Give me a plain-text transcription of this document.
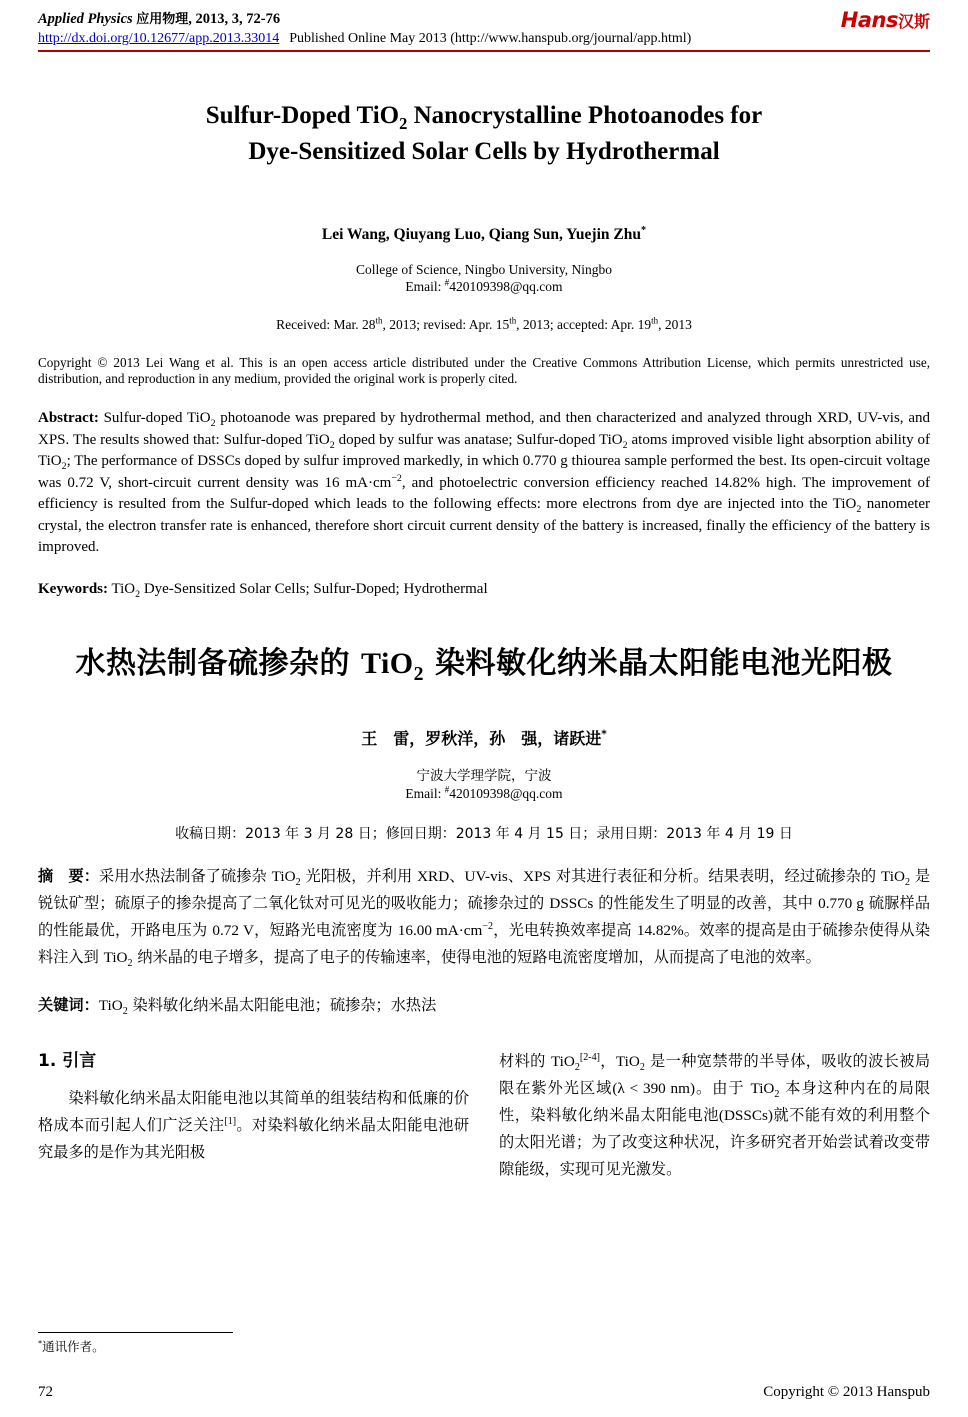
Applied Physics 应用物理, 2013, 3, 72-76
http://dx.doi.org/10.12677/app.2013.33014 Published Online May 2013 (http://www.hanspub.org/journal/app.html)
Hans汉斯
Sulfur-Doped TiO$_2$ Nanocrystalline Photoanodes for
Dye-Sensitized Solar Cells by Hydrothermal
Lei Wang, Qiuyang Luo, Qiang Sun, Yuejin Zhu*
College of Science, Ningbo University, Ningbo
Email: #420109398@qq.com
Received: Mar. 28th, 2013; revised: Apr. 15th, 2013; accepted: Apr. 19th, 2013
Copyright © 2013 Lei Wang et al. This is an open access article distributed under the Creative Commons Attribution License, which permits unrestricted use, distribution, and reproduction in any medium, provided the original work is properly cited.
Abstract: Sulfur-doped TiO$_2$ photoanode was prepared by hydrothermal method, and then characterized and analyzed through XRD, UV-vis, and XPS. The results showed that: Sulfur-doped TiO$_2$ doped by sulfur was anatase; Sulfur-doped TiO$_2$ atoms improved visible light absorption ability of TiO$_2$; The performance of DSSCs doped by sulfur improved markedly, in which 0.770 g thiourea sample performed the best. Its open-circuit voltage was 0.72 V, short-circuit current density was 16 $mA\cdot cm^{-2}$, and photoelectric conversion efficiency reached 14.82% high. The improvement of efficiency is resulted from the Sulfur-doped which leads to the following effects: more electrons from dye are injected into the TiO$_2$ nanometer crystal, the electron transfer rate is enhanced, therefore short circuit current density of the battery is increased, finally the efficiency of the battery is improved.
Keywords: TiO$_2$ Dye-Sensitized Solar Cells; Sulfur-Doped; Hydrothermal
水热法制备硫掺杂的 TiO$_2$ 染料敏化纳米晶太阳能电池光阳极
王　雷，罗秋洋，孙　强，诸跃进*
宁波大学理学院，宁波
Email: #420109398@qq.com
收稿日期：2013 年 3 月 28 日；修回日期：2013 年 4 月 15 日；录用日期：2013 年 4 月 19 日
摘　要：采用水热法制备了硫掺杂 TiO$_2$ 光阳极，并利用 XRD、UV-vis、XPS 对其进行表征和分析。结果表明，经过硫掺杂的 TiO$_2$ 是锐钛矿型；硫原子的掺杂提高了二氧化钛对可见光的吸收能力；硫掺杂过的 DSSCs 的性能发生了明显的改善，其中 0.770 g 硫脲样品的性能最优，开路电压为 0.72 V，短路光电流密度为 16.00 $mA\cdot cm^{-2}$，光电转换效率提高 14.82%。效率的提高是由于硫掺杂使得从染料注入到 TiO$_2$ 纳米晶的电子增多，提高了电子的传输速率，使得电池的短路电流密度增加，从而提高了电池的效率。
关键词：TiO$_2$ 染料敏化纳米晶太阳能电池；硫掺杂；水热法
1. 引言
染料敏化纳米晶太阳能电池以其简单的组装结构和低廉的价格成本而引起人们广泛关注[1]。对染料敏化纳米晶太阳能电池研究最多的是作为其光阳极
材料的 TiO$_2$[2-4]，TiO$_2$ 是一种宽禁带的半导体，吸收的波长被局限在紫外光区域(λ < 390 nm)。由于 TiO$_2$ 本身这种内在的局限性，染料敏化纳米晶太阳能电池(DSSCs)就不能有效的利用整个的太阳光谱；为了改变这种状况，许多研究者开始尝试着改变带隙能级，实现可见光激发。
*通讯作者。
72	Copyright © 2013 Hanspub
